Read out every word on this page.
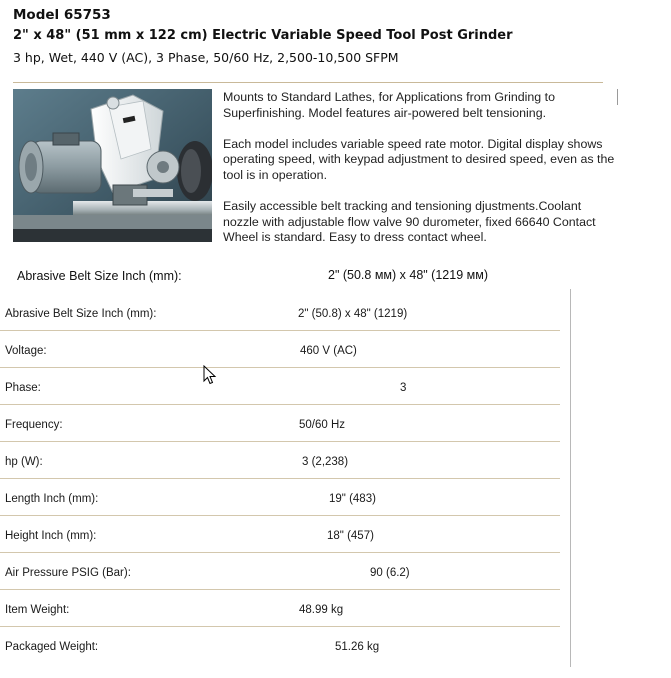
Model 65753
2" x 48" (51 mm x 122 cm) Electric Variable Speed Tool Post Grinder
3 hp, Wet, 440 V (AC), 3 Phase, 50/60 Hz, 2,500-10,500 SFPM

Mounts to Standard Lathes, for Applications from Grinding to Superfinishing. Model features air-powered belt tensioning.

Each model includes variable speed rate motor. Digital display shows operating speed, with keypad adjustment to desired speed, even as the tool is in operation.

Easily accessible belt tracking and tensioning djustments.Coolant nozzle with adjustable flow valve 90 durometer, fixed 66640 Contact Wheel is standard. Easy to dress contact wheel.

Abrasive Belt Size Inch (mm):	2" (50.8 мм) x 48" (1219 мм)
Abrasive Belt Size Inch (mm):	2" (50.8) x 48" (1219)
Voltage:	460 V (AC)
Phase:	3
Frequency:	50/60 Hz
hp (W):	3 (2,238)
Length Inch (mm):	19" (483)
Height Inch (mm):	18" (457)
Air Pressure PSIG (Bar):	90 (6.2)
Item Weight:	48.99 kg
Packaged Weight:	51.26 kg
